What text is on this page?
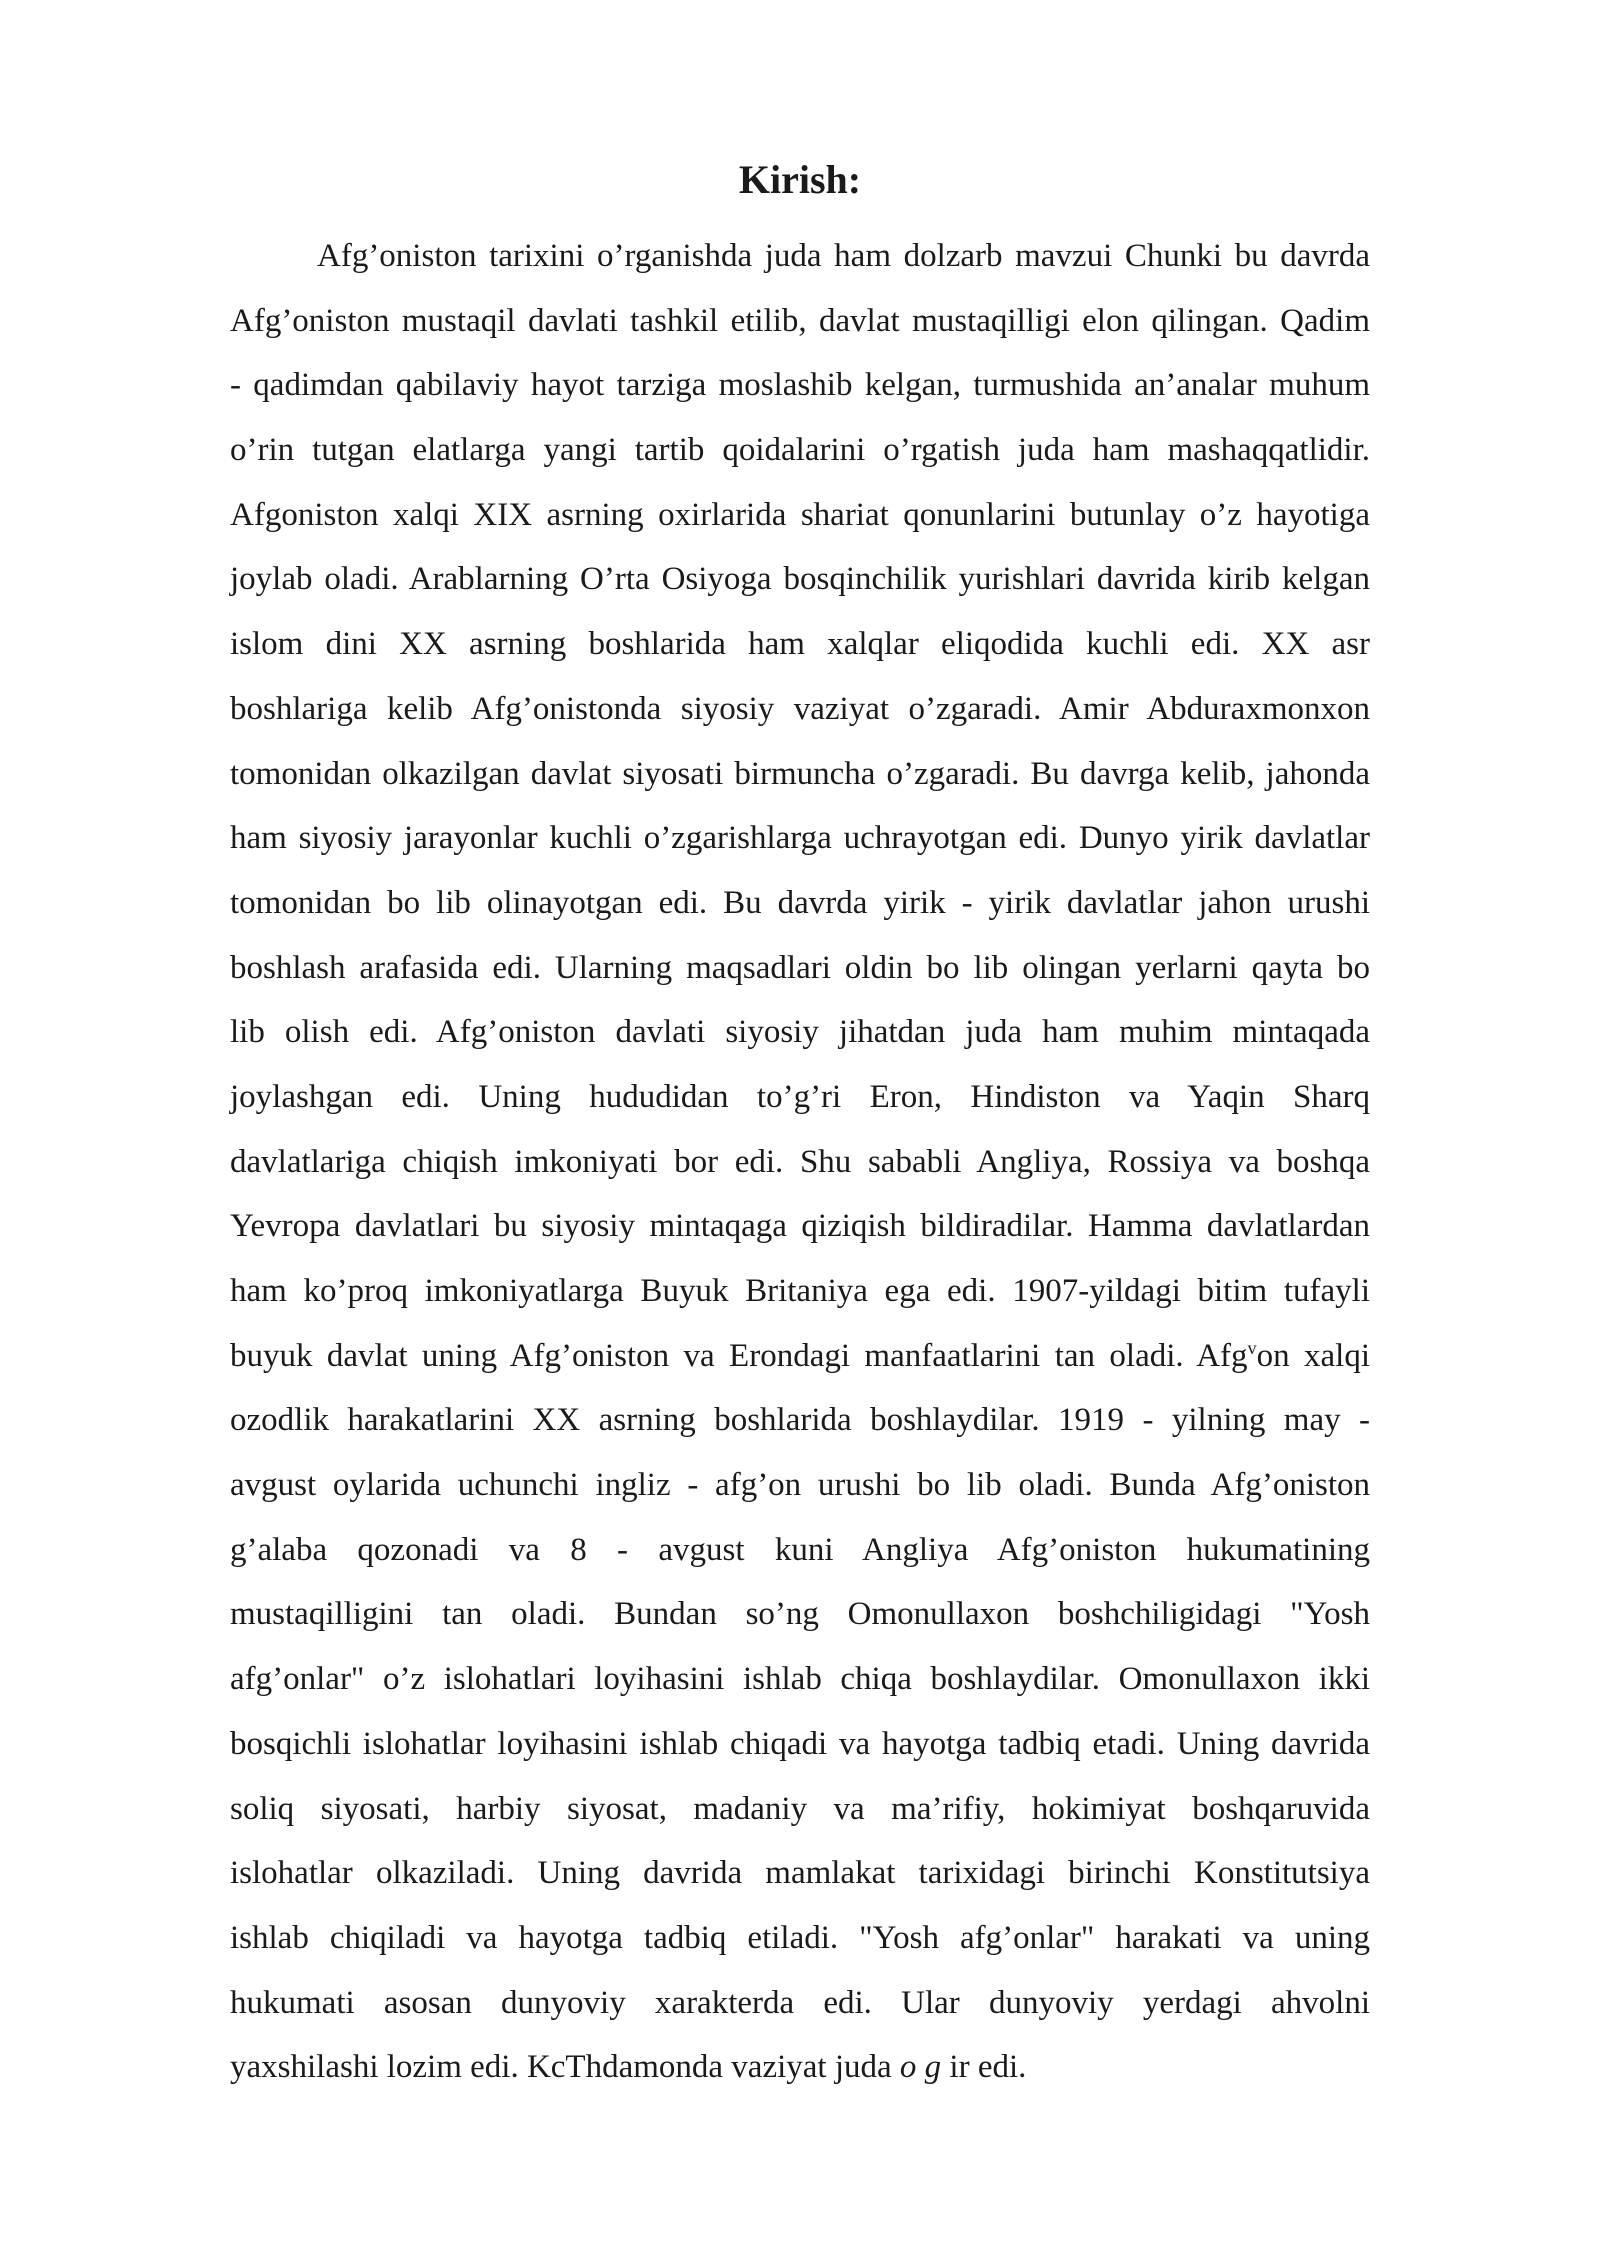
Kirish:
Afg’oniston tarixini o’rganishda juda ham dolzarb mavzui Chunki bu davrda
Afg’oniston mustaqil davlati tashkil etilib, davlat mustaqilligi elon qilingan. Qadim
- qadimdan qabilaviy hayot tarziga moslashib kelgan, turmushida an’analar muhum
o’rin tutgan elatlarga yangi tartib qoidalarini o’rgatish juda ham mashaqqatlidir.
Afgoniston xalqi XIX asrning oxirlarida shariat qonunlarini butunlay o’z hayotiga
joylab oladi. Arablarning O’rta Osiyoga bosqinchilik yurishlari davrida kirib kelgan
islom dini XX asrning boshlarida ham xalqlar eliqodida kuchli edi. XX asr
boshlariga kelib Afg’onistonda siyosiy vaziyat o’zgaradi. Amir Abduraxmonxon
tomonidan olkazilgan davlat siyosati birmuncha o’zgaradi. Bu davrga kelib, jahonda
ham siyosiy jarayonlar kuchli o’zgarishlarga uchrayotgan edi. Dunyo yirik davlatlar
tomonidan bo lib olinayotgan edi. Bu davrda yirik - yirik davlatlar jahon urushi
boshlash arafasida edi. Ularning maqsadlari oldin bo lib olingan yerlarni qayta bo
lib olish edi. Afg’oniston davlati siyosiy jihatdan juda ham muhim mintaqada
joylashgan edi. Uning hududidan to’g’ri Eron, Hindiston va Yaqin Sharq
davlatlariga chiqish imkoniyati bor edi. Shu sababli Angliya, Rossiya va boshqa
Yevropa davlatlari bu siyosiy mintaqaga qiziqish bildiradilar. Hamma davlatlardan
ham ko’proq imkoniyatlarga Buyuk Britaniya ega edi. 1907-yildagi bitim tufayli
buyuk davlat uning Afg’oniston va Erondagi manfaatlarini tan oladi. Afg$^v$on xalqi
ozodlik harakatlarini XX asrning boshlarida boshlaydilar. 1919 - yilning may -
avgust oylarida uchunchi ingliz - afg’on urushi bo lib oladi. Bunda Afg’oniston
g’alaba qozonadi va 8 - avgust kuni Angliya Afg’oniston hukumatining
mustaqilligini tan oladi. Bundan so’ng Omonullaxon boshchiligidagi "Yosh
afg’onlar" o’z islohatlari loyihasini ishlab chiqa boshlaydilar. Omonullaxon ikki
bosqichli islohatlar loyihasini ishlab chiqadi va hayotga tadbiq etadi. Uning davrida
soliq siyosati, harbiy siyosat, madaniy va ma’rifiy, hokimiyat boshqaruvida
islohatlar olkaziladi. Uning davrida mamlakat tarixidagi birinchi Konstitutsiya
ishlab chiqiladi va hayotga tadbiq etiladi. "Yosh afg’onlar" harakati va uning
hukumati asosan dunyoviy xarakterda edi. Ular dunyoviy yerdagi ahvolni
yaxshilashi lozim edi. KcThdamonda vaziyat juda o g ir edi.
